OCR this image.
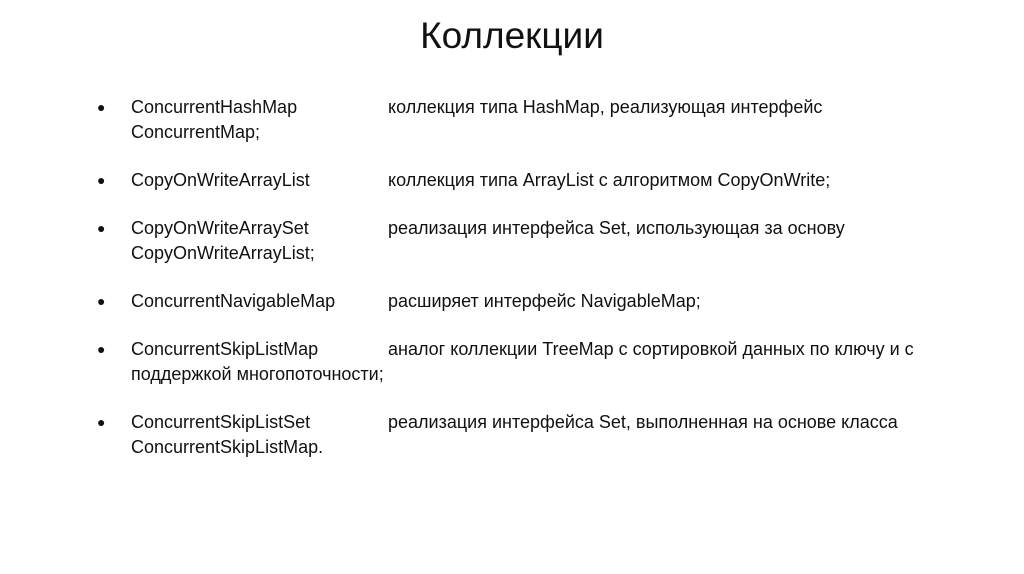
Коллекции
● ConcurrentHashMap	коллекция типа HashMap, реализующая интерфейс
ConcurrentMap;
● CopyOnWriteArrayList	коллекция типа ArrayList с алгоритмом CopyOnWrite;
● CopyOnWriteArraySet	реализация интерфейса Set, использующая за основу
CopyOnWriteArrayList;
● ConcurrentNavigableMap	расширяет интерфейс NavigableMap;
● ConcurrentSkipListMap	аналог коллекции TreeMap с сортировкой данных по ключу и с
поддержкой многопоточности;
● ConcurrentSkipListSet	реализация интерфейса Set, выполненная на основе класса
ConcurrentSkipListMap.
